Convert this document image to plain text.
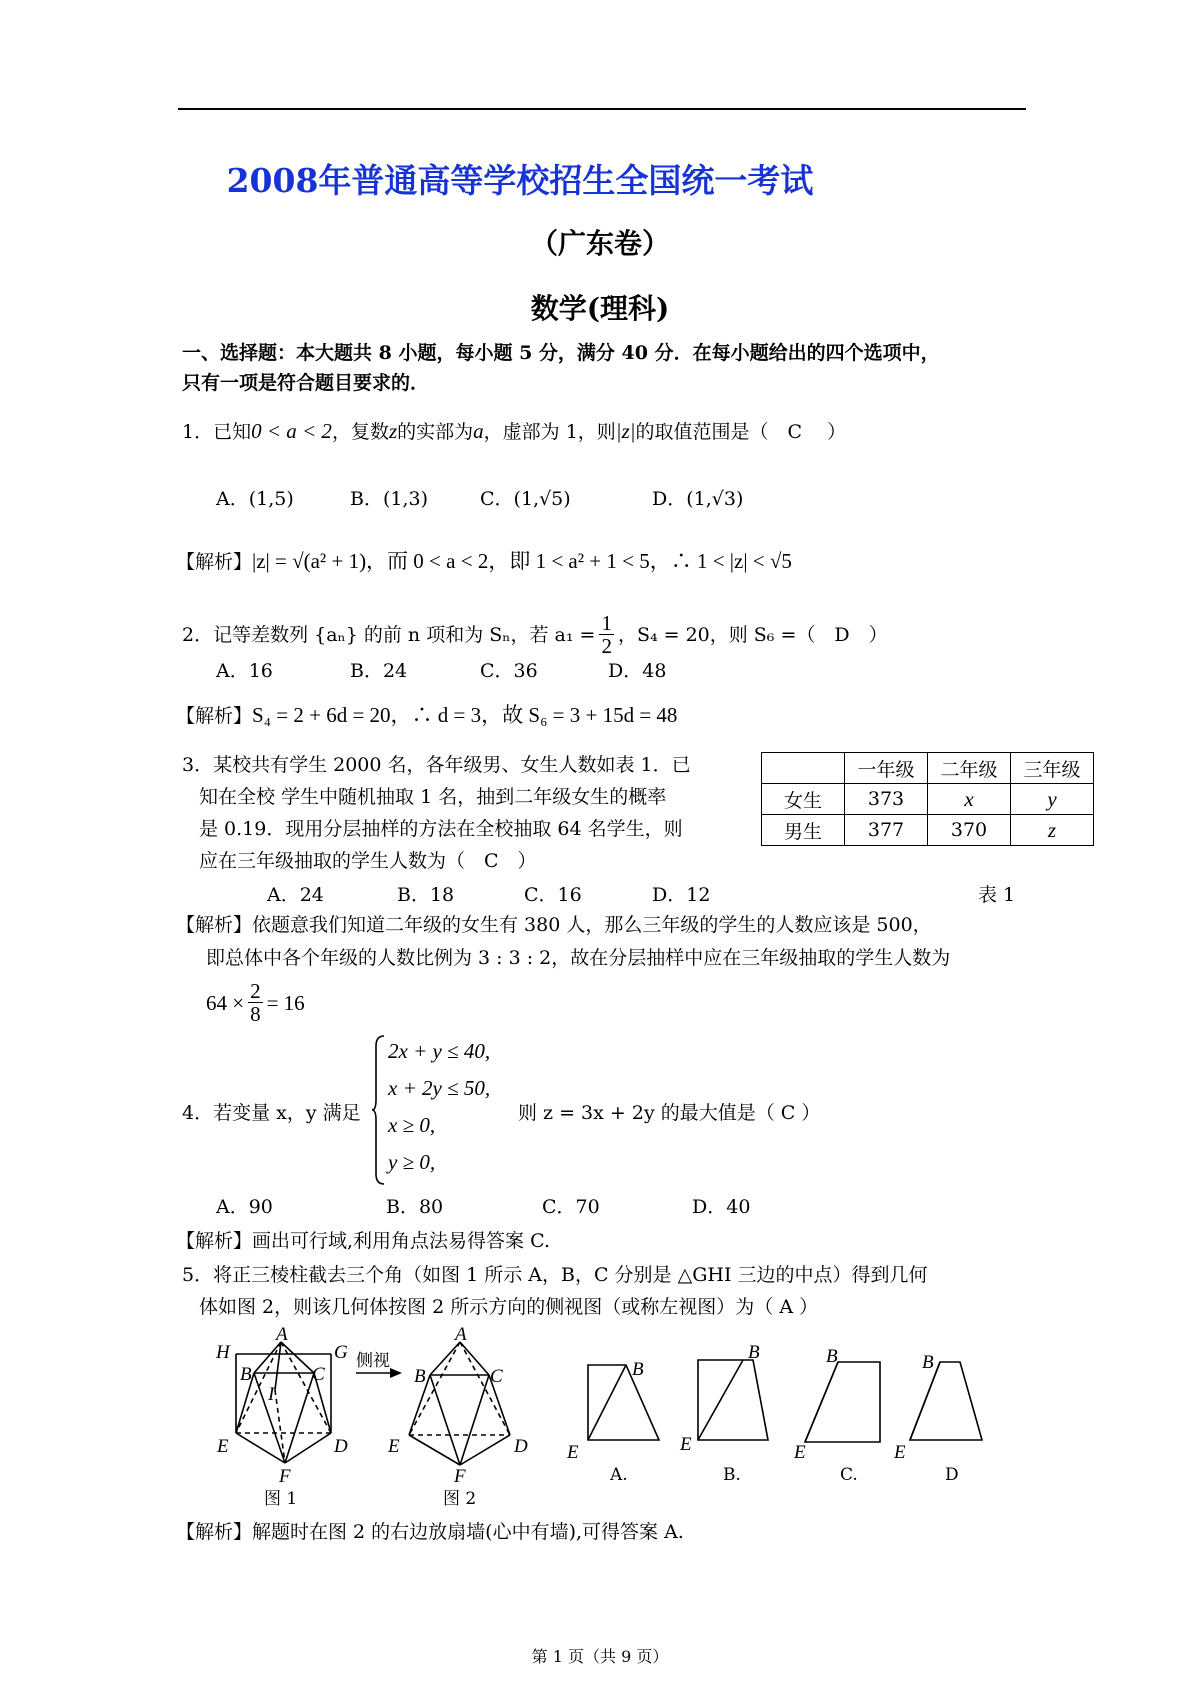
2008年普通高等学校招生全国统一考试
（广东卷）
数学(理科)
一、选择题：本大题共 8 小题，每小题 5 分，满分 40 分．在每小题给出的四个选项中，
只有一项是符合题目要求的．
1．已知0 < a < 2，复数z的实部为a，虚部为 1，则|z|的取值范围是（　C　 ）
A．(1,5)	B．(1,3)	C．(1,√5)	D．(1,√3)
【解析】|z| = √(a² + 1)，而 0 < a < 2，即 1 < a² + 1 < 5，∴ 1 < |z| < √5
2．记等差数列 {aₙ} 的前 n 项和为 Sₙ，若 $a_1 = \frac{1}{2}$ ，S₄ = 20，则 S₆ =（　D　）
A．16	B．24	C．36	D．48
【解析】S₄ = 2 + 6d = 20，∴ d = 3，故 S₆ = 3 + 15d = 48
3．某校共有学生 2000 名，各年级男、女生人数如表 1．已
知在全校 学生中随机抽取 1 名，抽到二年级女生的概率
是 0.19．现用分层抽样的方法在全校抽取 64 名学生，则
应在三年级抽取的学生人数为（　C　）
A．24	B．18	C．16	D．12
	一年级	二年级	三年级
女生	373	x	y
男生	377	370	z
表 1
【解析】依题意我们知道二年级的女生有 380 人，那么三年级的学生的人数应该是 500，
即总体中各个年级的人数比例为 3 : 3 : 2，故在分层抽样中应在三年级抽取的学生人数为
$64 \times \frac{2}{8} = 16$
4．若变量 x，y 满足
2x + y ≤ 40,
x + 2y ≤ 50,
x ≥ 0,
y ≥ 0,
则 z = 3x + 2y 的最大值是（ C ）
A．90	B．80	C．70	D．40
【解析】画出可行域,利用角点法易得答案 C.
5．将正三棱柱截去三个角（如图 1 所示 A，B，C 分别是 △GHI 三边的中点）得到几何
体如图 2，则该几何体按图 2 所示方向的侧视图（或称左视图）为（ A ）
H	G
A
B	C
I
E	D
F
图 1
侧视
A
B	C
E	D
F
图 2
B
E
A.
B
E
B.
B
E
C.
B
E
D
【解析】解题时在图 2 的右边放扇墙(心中有墙),可得答案 A.
第 1 页（共 9 页）
